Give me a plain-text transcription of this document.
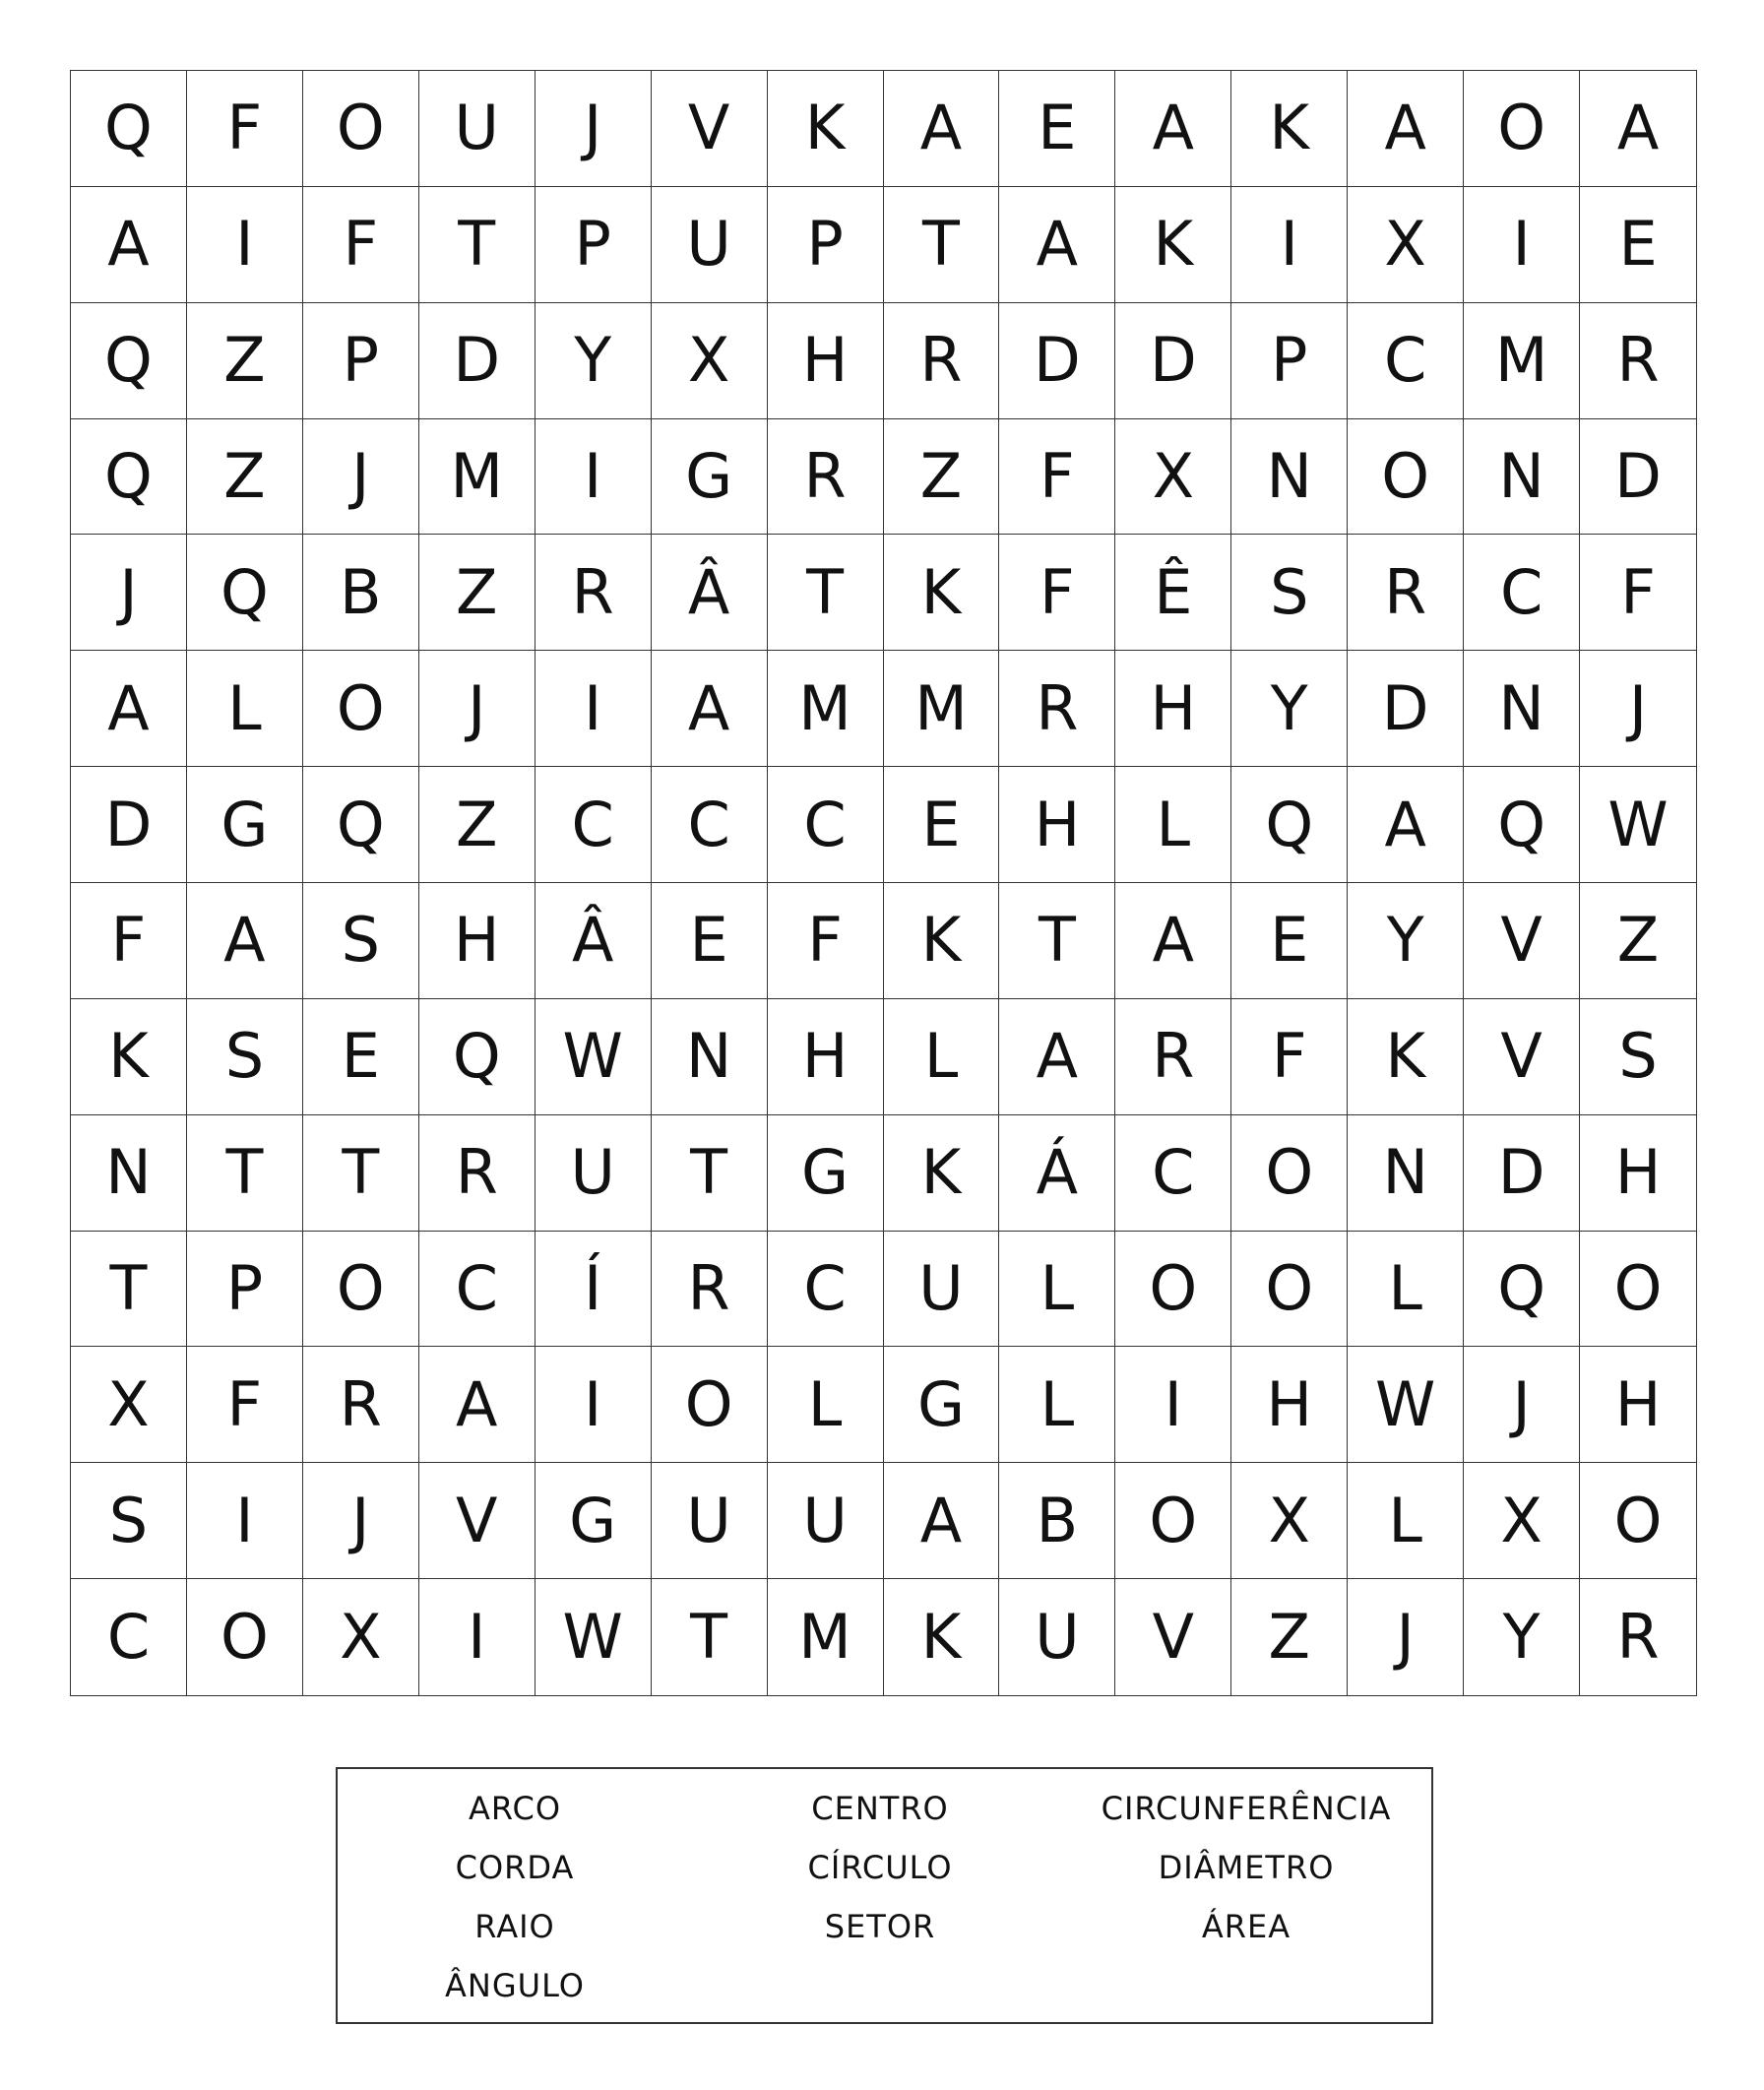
Q	F	O	U	J	V	K	A	E	A	K	A	O	A
A	I	F	T	P	U	P	T	A	K	I	X	I	E
Q	Z	P	D	Y	X	H	R	D	D	P	C	M	R
Q	Z	J	M	I	G	R	Z	F	X	N	O	N	D
J	Q	B	Z	R	Â	T	K	F	Ê	S	R	C	F
A	L	O	J	I	A	M	M	R	H	Y	D	N	J
D	G	Q	Z	C	C	C	E	H	L	Q	A	Q	W
F	A	S	H	Â	E	F	K	T	A	E	Y	V	Z
K	S	E	Q	W	N	H	L	A	R	F	K	V	S
N	T	T	R	U	T	G	K	Á	C	O	N	D	H
T	P	O	C	Í	R	C	U	L	O	O	L	Q	O
X	F	R	A	I	O	L	G	L	I	H	W	J	H
S	I	J	V	G	U	U	A	B	O	X	L	X	O
C	O	X	I	W	T	M	K	U	V	Z	J	Y	R
ARCO	CENTRO	CIRCUNFERÊNCIA
CORDA	CÍRCULO	DIÂMETRO
RAIO	SETOR	ÁREA
ÂNGULO
